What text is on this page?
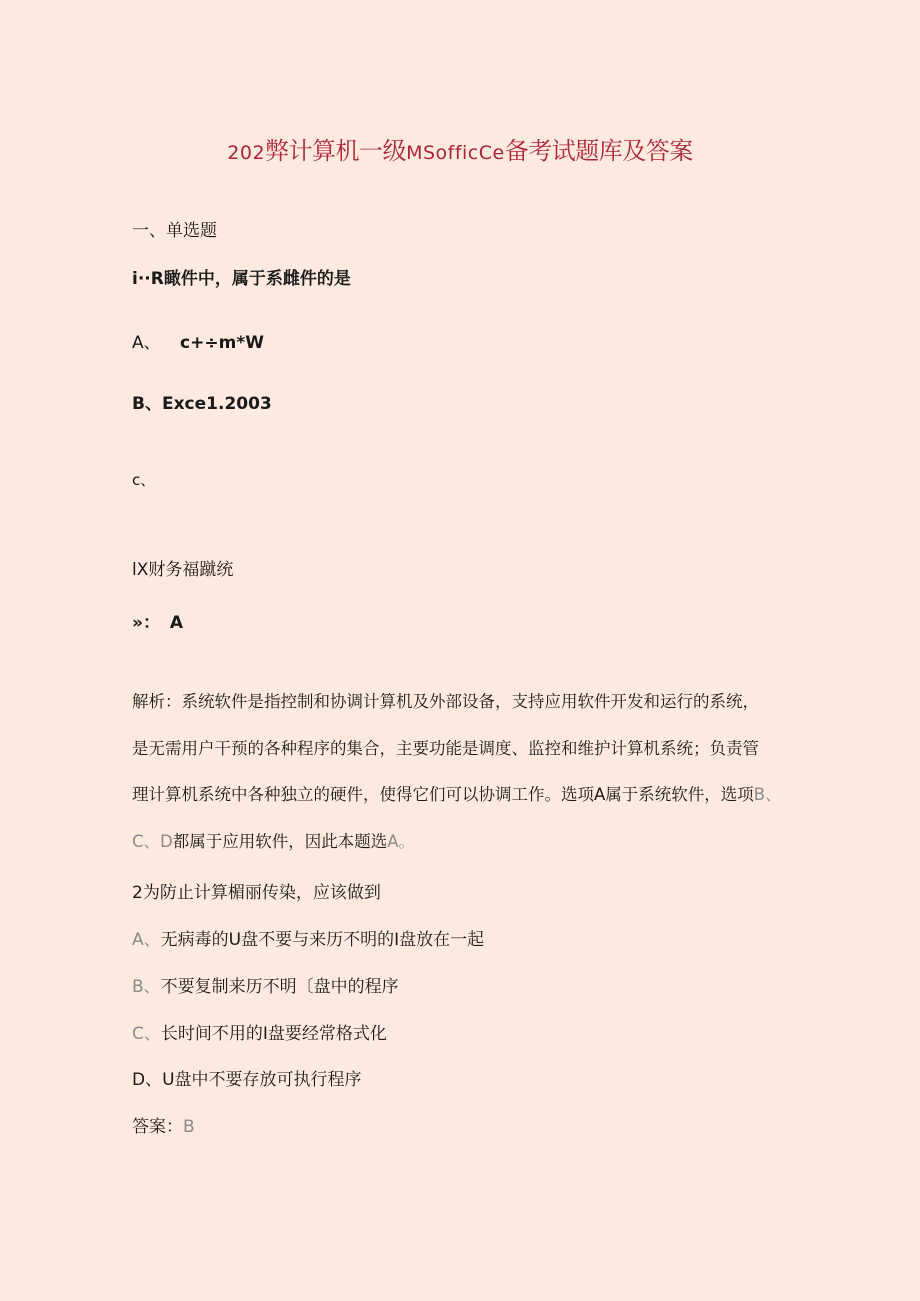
202弊计算机一级MSofficCe备考试题库及答案
一、单选题
i··R瞰件中，属于系雌件的是
A、 c+÷m*W
B、Exce1.2003
c、
lX财务福蹴统
»： A
解析：系统软件是指控制和协调计算机及外部设备，支持应用软件开发和运行的系统，
是无需用户干预的各种程序的集合，主要功能是调度、监控和维护计算机系统；负责管
理计算机系统中各种独立的硬件，使得它们可以协调工作。选项A属于系统软件，选项B、
C、D都属于应用软件，因此本题选A。
2为防止计算楣丽传染，应该做到
A、无病毒的U盘不要与来历不明的I盘放在一起
B、不要复制来历不明〔盘中的程序
C、长时间不用的I盘要经常格式化
D、U盘中不要存放可执行程序
答案：B
